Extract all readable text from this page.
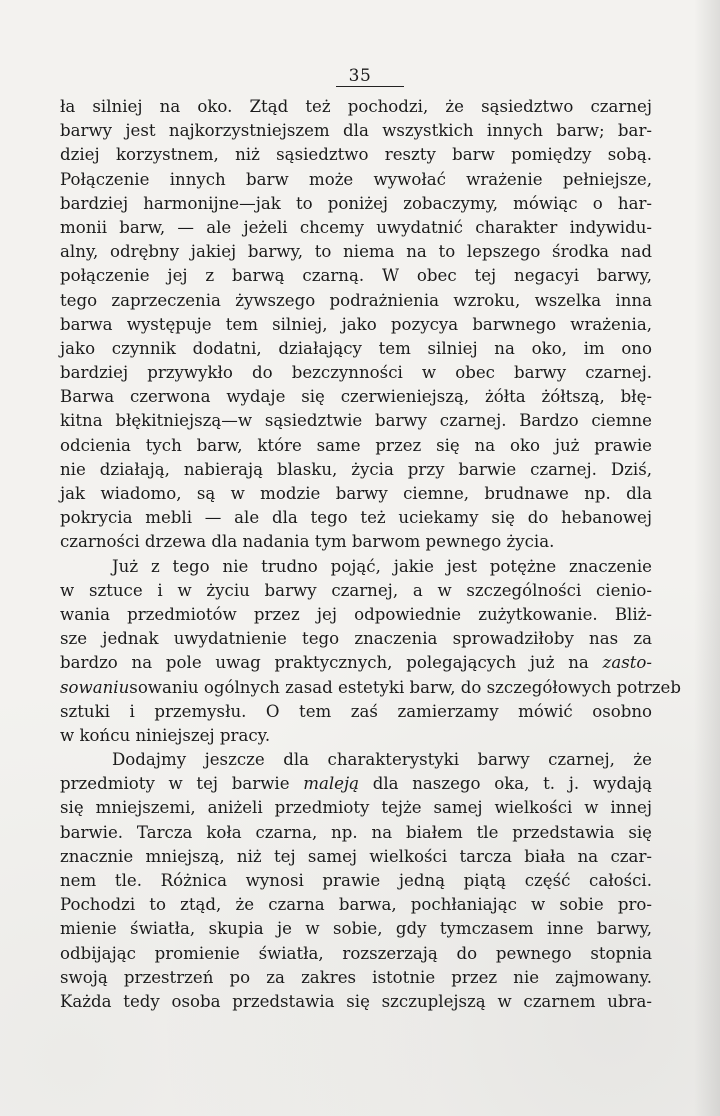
35
ła silniej na oko. Ztąd też pochodzi, że sąsiedztwo czarnej
barwy jest najkorzystniejszem dla wszystkich innych barw; bar-
dziej korzystnem, niż sąsiedztwo reszty barw pomiędzy sobą.
Połączenie innych barw może wywołać wrażenie pełniejsze,
bardziej harmonijne—jak to poniżej zobaczymy, mówiąc o har-
monii barw, — ale jeżeli chcemy uwydatnić charakter indywidu-
alny, odrębny jakiej barwy, to niema na to lepszego środka nad
połączenie jej z barwą czarną. W obec tej negacyi barwy,
tego zaprzeczenia żywszego podrażnienia wzroku, wszelka inna
barwa występuje tem silniej, jako pozycya barwnego wrażenia,
jako czynnik dodatni, działający tem silniej na oko, im ono
bardziej przywykło do bezczynności w obec barwy czarnej.
Barwa czerwona wydaje się czerwieniejszą, żółta żółtszą, błę-
kitna błękitniejszą—w sąsiedztwie barwy czarnej. Bardzo ciemne
odcienia tych barw, które same przez się na oko już prawie
nie działają, nabierają blasku, życia przy barwie czarnej. Dziś,
jak wiadomo, są w modzie barwy ciemne, brudnawe np. dla
pokrycia mebli — ale dla tego też uciekamy się do hebanowej
czarności drzewa dla nadania tym barwom pewnego życia.
Już z tego nie trudno pojąć, jakie jest potężne znaczenie
w sztuce i w życiu barwy czarnej, a w szczególności cienio-
wania przedmiotów przez jej odpowiednie zużytkowanie. Bliż-
sze jednak uwydatnienie tego znaczenia sprowadziłoby nas za
bardzo na pole uwag praktycznych, polegających już na zasto-
sowaniusowaniu ogólnych zasad estetyki barw, do szczegółowych potrzeb
sztuki i przemysłu. O tem zaś zamierzamy mówić osobno
w końcu niniejszej pracy.
Dodajmy jeszcze dla charakterystyki barwy czarnej, że
przedmioty w tej barwie maleją dla naszego oka, t. j. wydają
się mniejszemi, aniżeli przedmioty tejże samej wielkości w innej
barwie. Tarcza koła czarna, np. na białem tle przedstawia się
znacznie mniejszą, niż tej samej wielkości tarcza biała na czar-
nem tle. Różnica wynosi prawie jedną piątą część całości.
Pochodzi to ztąd, że czarna barwa, pochłaniając w sobie pro-
mienie światła, skupia je w sobie, gdy tymczasem inne barwy,
odbijając promienie światła, rozszerzają do pewnego stopnia
swoją przestrzeń po za zakres istotnie przez nie zajmowany.
Każda tedy osoba przedstawia się szczuplejszą w czarnem ubra-
